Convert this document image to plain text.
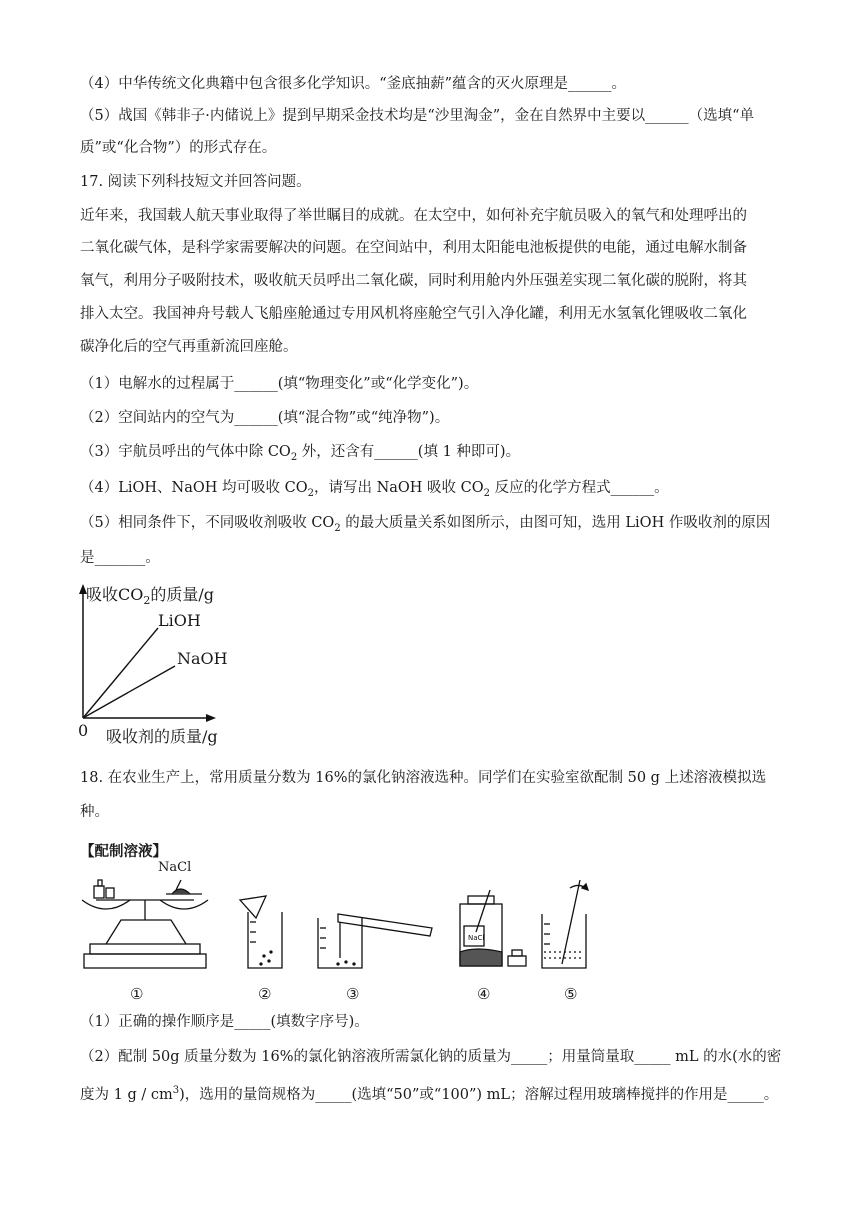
（4）中华传统文化典籍中包含很多化学知识。“釜底抽薪”蕴含的灭火原理是______。
（5）战国《韩非子·内储说上》提到早期采金技术均是“沙里淘金”，金在自然界中主要以______（选填“单
质”或“化合物”）的形式存在。
17. 阅读下列科技短文并回答问题。
近年来，我国载人航天事业取得了举世瞩目的成就。在太空中，如何补充宇航员吸入的氧气和处理呼出的
二氧化碳气体，是科学家需要解决的问题。在空间站中，利用太阳能电池板提供的电能，通过电解水制备
氧气，利用分子吸附技术，吸收航天员呼出二氧化碳，同时利用舱内外压强差实现二氧化碳的脱附，将其
排入太空。我国神舟号载人飞船座舱通过专用风机将座舱空气引入净化罐，利用无水氢氧化锂吸收二氧化
碳净化后的空气再重新流回座舱。
（1）电解水的过程属于______(填“物理变化”或“化学变化”)。
（2）空间站内的空气为______(填“混合物”或“纯净物”)。
（3）宇航员呼出的气体中除 $CO_2$ 外，还含有______(填 1 种即可)。
（4）LiOH、NaOH 均可吸收 $CO_2$，请写出 NaOH 吸收 $CO_2$ 反应的化学方程式______。
（5）相同条件下，不同吸收剂吸收 $CO_2$ 的最大质量关系如图所示，由图可知，选用 LiOH 作吸收剂的原因
是_______。
吸收$CO_2$的质量/g
LiOH
NaOH
0 吸收剂的质量/g
18. 在农业生产上，常用质量分数为 16%的氯化钠溶液选种。同学们在实验室欲配制 50 g 上述溶液模拟选
种。
【配制溶液】
NaCl
NaCl
①	②	③	④	⑤
（1）正确的操作顺序是_____(填数字序号)。
（2）配制 50g 质量分数为 16%的氯化钠溶液所需氯化钠的质量为_____；用量筒量取_____ mL 的水(水的密
度为 1 g / $cm^3$)，选用的量筒规格为_____(选填“50”或“100”) mL；溶解过程用玻璃棒搅拌的作用是_____。
